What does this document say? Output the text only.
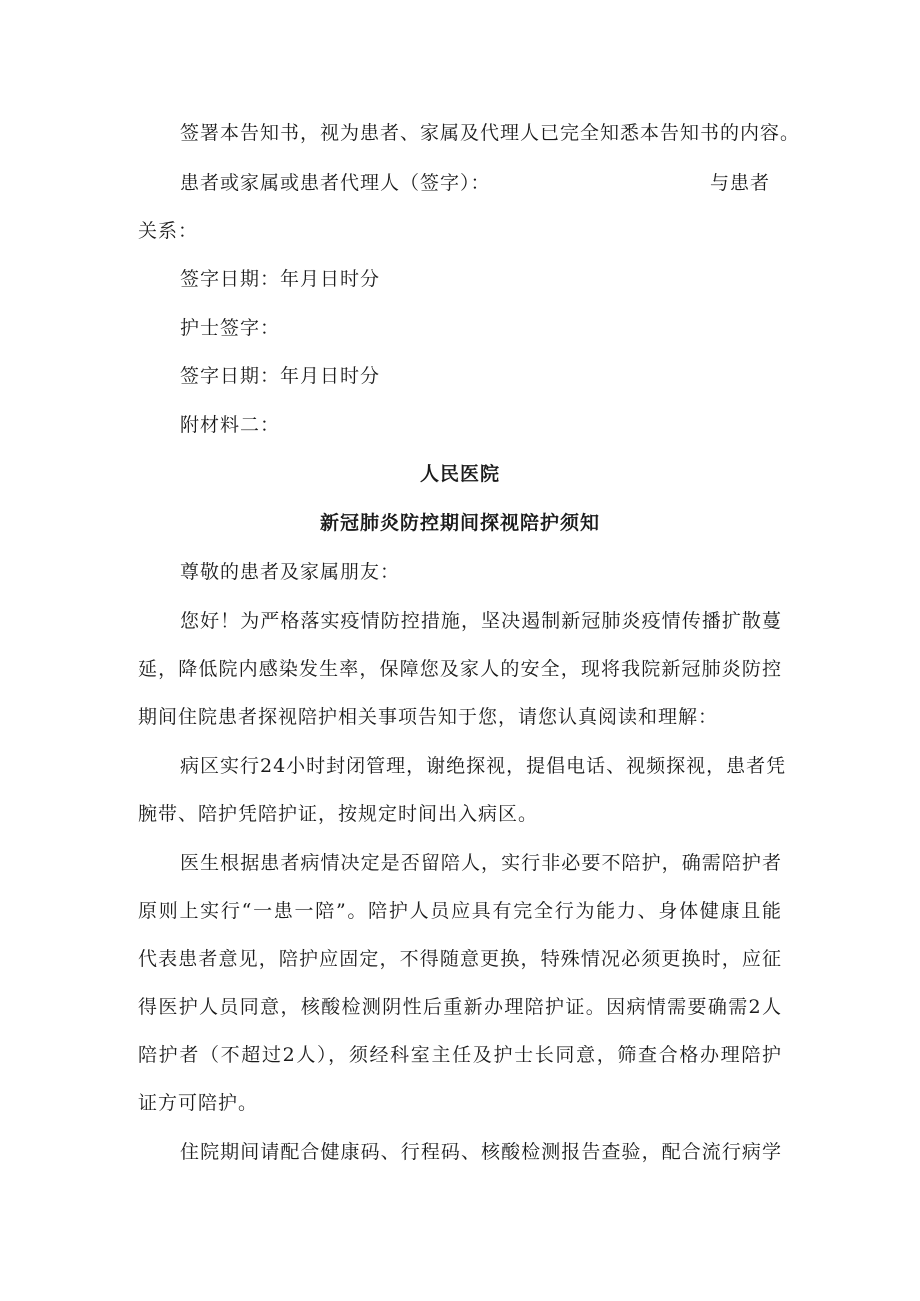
签署本告知书，视为患者、家属及代理人已完全知悉本告知书的内容。
患者或家属或患者代理人（签字）：	与患者
关系：
签字日期：年月日时分
护士签字：
签字日期：年月日时分
附材料二：
人民医院
新冠肺炎防控期间探视陪护须知
尊敬的患者及家属朋友：
您好！为严格落实疫情防控措施，坚决遏制新冠肺炎疫情传播扩散蔓
延，降低院内感染发生率，保障您及家人的安全，现将我院新冠肺炎防控
期间住院患者探视陪护相关事项告知于您，请您认真阅读和理解：
病区实行24小时封闭管理，谢绝探视，提倡电话、视频探视，患者凭
腕带、陪护凭陪护证，按规定时间出入病区。
医生根据患者病情决定是否留陪人，实行非必要不陪护，确需陪护者
原则上实行“一患一陪”。陪护人员应具有完全行为能力、身体健康且能
代表患者意见，陪护应固定，不得随意更换，特殊情况必须更换时，应征
得医护人员同意，核酸检测阴性后重新办理陪护证。因病情需要确需2人
陪护者（不超过2人），须经科室主任及护士长同意，筛查合格办理陪护
证方可陪护。
住院期间请配合健康码、行程码、核酸检测报告查验，配合流行病学
